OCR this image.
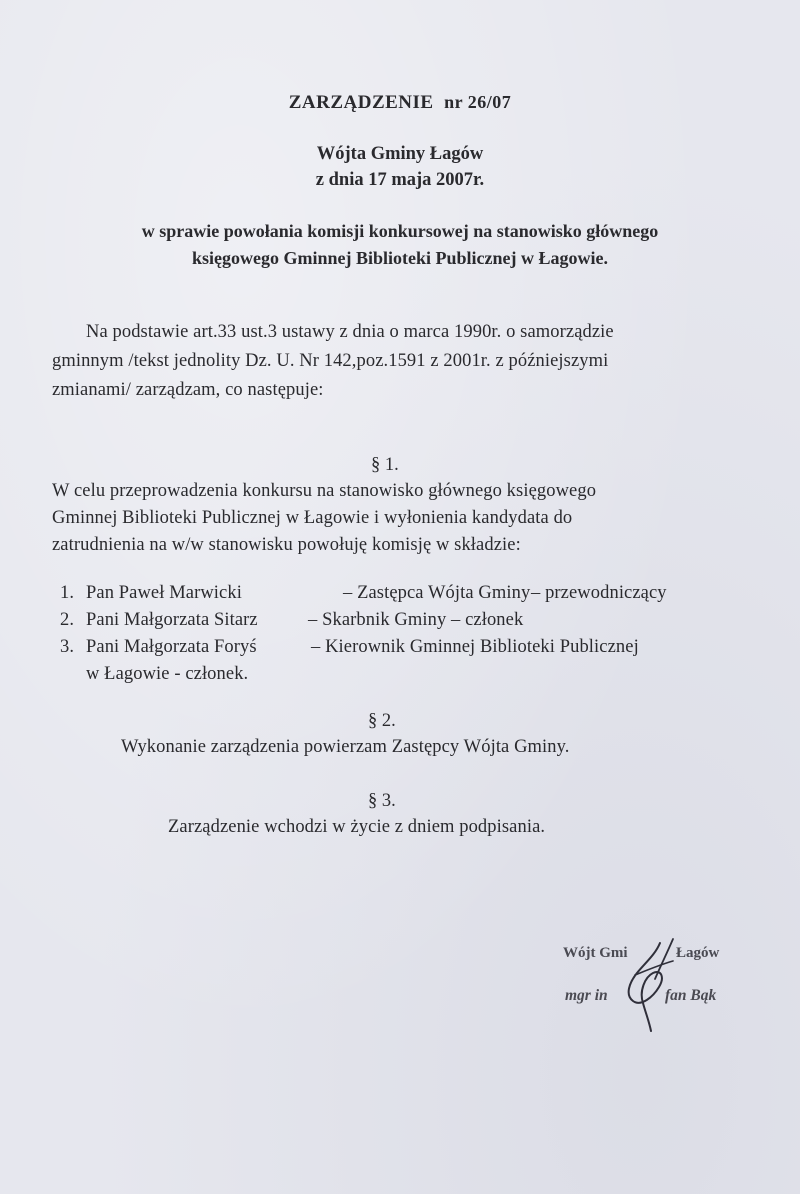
ZARZĄDZENIE nr 26/07
Wójta Gminy Łagów
z dnia 17 maja 2007r.
w sprawie powołania komisji konkursowej na stanowisko głównego
księgowego Gminnej Biblioteki Publicznej w Łagowie.
Na podstawie art.33 ust.3 ustawy z dnia o marca 1990r. o samorządzie
gminnym /tekst jednolity Dz. U. Nr 142,poz.1591 z 2001r. z późniejszymi
zmianami/ zarządzam, co następuje:
§ 1.
W celu przeprowadzenia konkursu na stanowisko głównego księgowego
Gminnej Biblioteki Publicznej w Łagowie i wyłonienia kandydata do
zatrudnienia na w/w stanowisku powołuję komisję w składzie:
1. Pan Paweł Marwicki	– Zastępca Wójta Gminy – przewodniczący
2. Pani Małgorzata Sitarz	– Skarbnik Gminy – członek
3. Pani Małgorzata Foryś	– Kierownik Gminnej Biblioteki Publicznej
w Łagowie - członek.
§ 2.
Wykonanie zarządzenia powierzam Zastępcy Wójta Gminy.
§ 3.
Zarządzenie wchodzi w życie z dniem podpisania.
Wójt Gmi	Łagów
mgr in	fan Bąk
